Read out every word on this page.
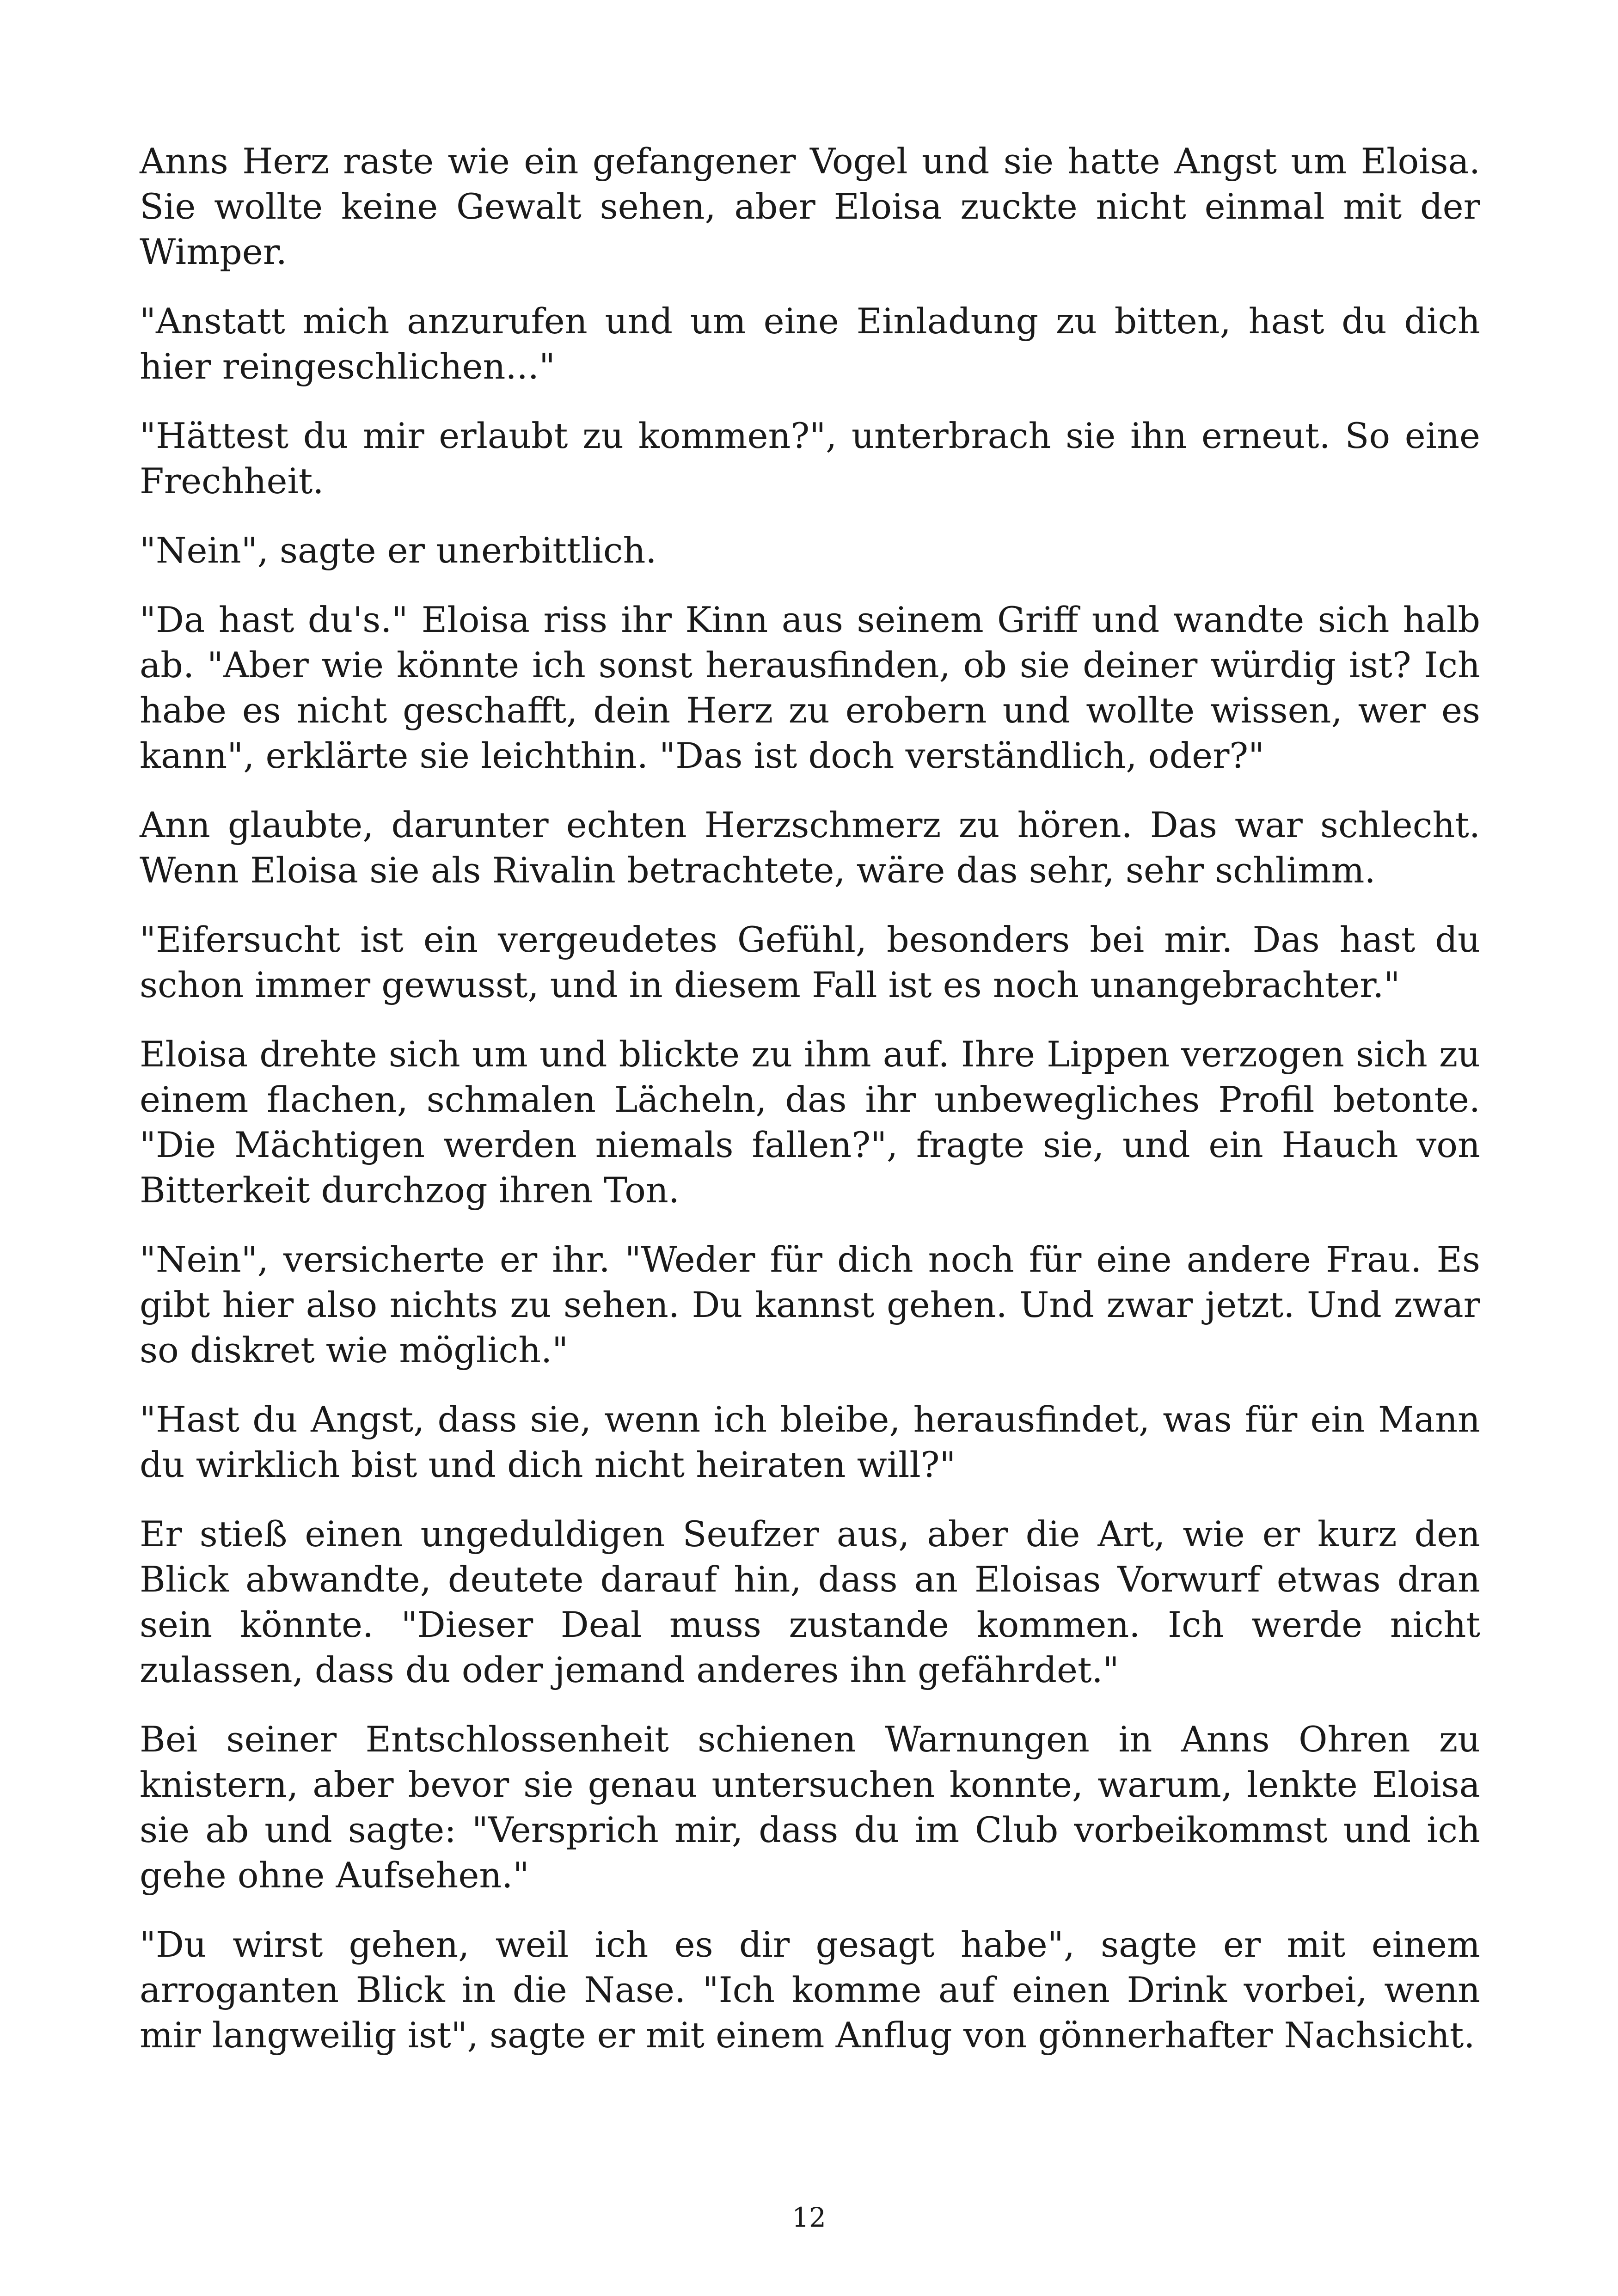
Anns Herz raste wie ein gefangener Vogel und sie hatte Angst um Eloisa. Sie wollte keine Gewalt sehen, aber Eloisa zuckte nicht einmal mit der Wimper.

"Anstatt mich anzurufen und um eine Einladung zu bitten, hast du dich hier reingeschlichen..."

"Hättest du mir erlaubt zu kommen?", unterbrach sie ihn erneut. So eine Frechheit.

"Nein", sagte er unerbittlich.

"Da hast du's." Eloisa riss ihr Kinn aus seinem Griff und wandte sich halb ab. "Aber wie könnte ich sonst herausfinden, ob sie deiner würdig ist? Ich habe es nicht geschafft, dein Herz zu erobern und wollte wissen, wer es kann", erklärte sie leichthin. "Das ist doch verständlich, oder?"

Ann glaubte, darunter echten Herzschmerz zu hören. Das war schlecht. Wenn Eloisa sie als Rivalin betrachtete, wäre das sehr, sehr schlimm.

"Eifersucht ist ein vergeudetes Gefühl, besonders bei mir. Das hast du schon immer gewusst, und in diesem Fall ist es noch unangebrachter."

Eloisa drehte sich um und blickte zu ihm auf. Ihre Lippen verzogen sich zu einem flachen, schmalen Lächeln, das ihr unbewegliches Profil betonte. "Die Mächtigen werden niemals fallen?", fragte sie, und ein Hauch von Bitterkeit durchzog ihren Ton.

"Nein", versicherte er ihr. "Weder für dich noch für eine andere Frau. Es gibt hier also nichts zu sehen. Du kannst gehen. Und zwar jetzt. Und zwar so diskret wie möglich."

"Hast du Angst, dass sie, wenn ich bleibe, herausfindet, was für ein Mann du wirklich bist und dich nicht heiraten will?"

Er stieß einen ungeduldigen Seufzer aus, aber die Art, wie er kurz den Blick abwandte, deutete darauf hin, dass an Eloisas Vorwurf etwas dran sein könnte. "Dieser Deal muss zustande kommen. Ich werde nicht zulassen, dass du oder jemand anderes ihn gefährdet."

Bei seiner Entschlossenheit schienen Warnungen in Anns Ohren zu knistern, aber bevor sie genau untersuchen konnte, warum, lenkte Eloisa sie ab und sagte: "Versprich mir, dass du im Club vorbeikommst und ich gehe ohne Aufsehen."

"Du wirst gehen, weil ich es dir gesagt habe", sagte er mit einem arroganten Blick in die Nase. "Ich komme auf einen Drink vorbei, wenn mir langweilig ist", sagte er mit einem Anflug von gönnerhafter Nachsicht.

12
